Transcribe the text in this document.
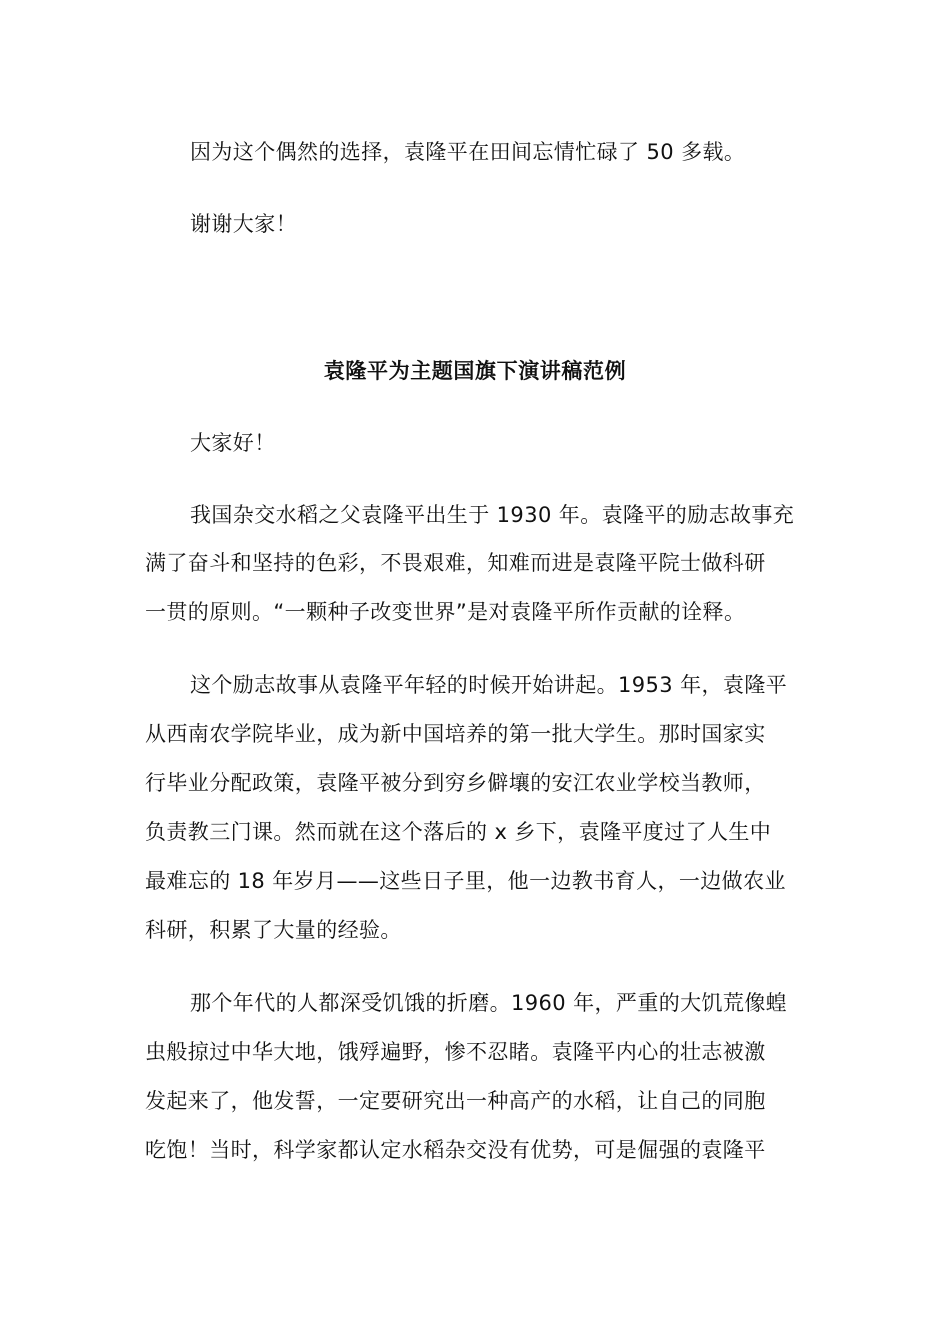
因为这个偶然的选择，袁隆平在田间忘情忙碌了 50 多载。
谢谢大家！
袁隆平为主题国旗下演讲稿范例
大家好！
我国杂交水稻之父袁隆平出生于 1930 年。袁隆平的励志故事充
满了奋斗和坚持的色彩，不畏艰难，知难而进是袁隆平院士做科研
一贯的原则。“一颗种子改变世界”是对袁隆平所作贡献的诠释。
这个励志故事从袁隆平年轻的时候开始讲起。1953 年，袁隆平
从西南农学院毕业，成为新中国培养的第一批大学生。那时国家实
行毕业分配政策，袁隆平被分到穷乡僻壤的安江农业学校当教师，
负责教三门课。然而就在这个落后的 x 乡下，袁隆平度过了人生中
最难忘的 18 年岁月——这些日子里，他一边教书育人，一边做农业
科研，积累了大量的经验。
那个年代的人都深受饥饿的折磨。1960 年，严重的大饥荒像蝗
虫般掠过中华大地，饿殍遍野，惨不忍睹。袁隆平内心的壮志被激
发起来了，他发誓，一定要研究出一种高产的水稻，让自己的同胞
吃饱！当时，科学家都认定水稻杂交没有优势，可是倔强的袁隆平
